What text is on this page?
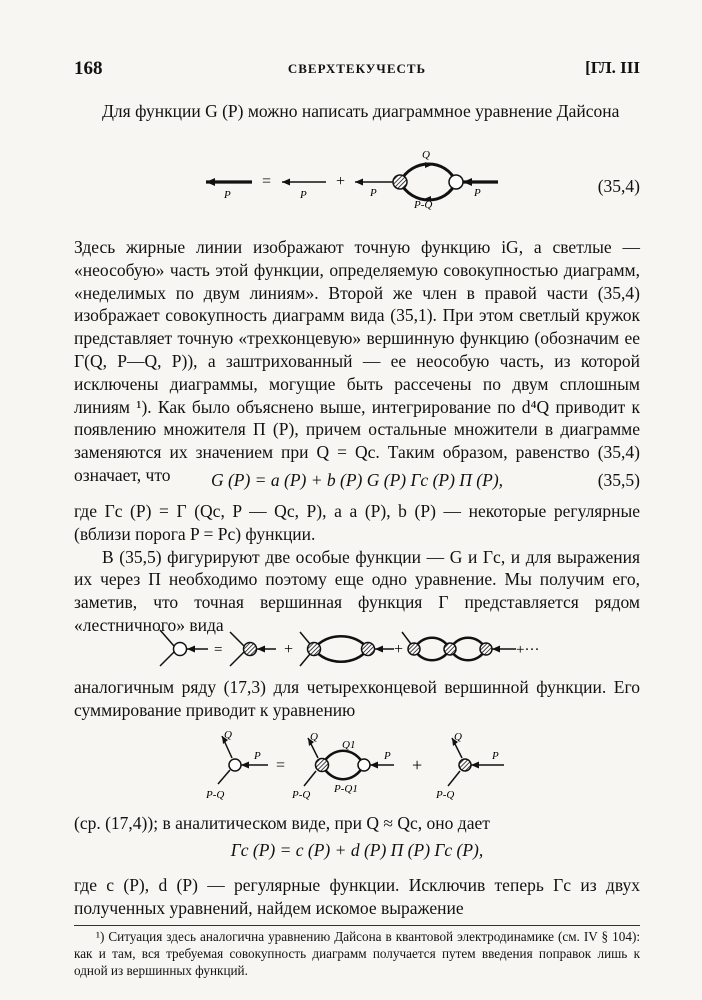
168	СВЕРХТЕКУЧЕСТЬ	[ГЛ. III

Для функции G (P) можно написать диаграммное уравнение Дайсона

P
=
P
+
P
Q
P-Q
P	(35,4)

Здесь жирные линии изображают точную функцию iG, а светлые — «неособую» часть этой функции, определяемую совокупностью диаграмм, «неделимых по двум линиям». Второй же член в правой части (35,4) изображает совокупность диаграмм вида (35,1). При этом светлый кружок представляет точную «трехконцевую» вершинную функцию (обозначим ее Γ(Q, P—Q, P)), а заштрихованный — ее неособую часть, из которой исключены диаграммы, могущие быть рассечены по двум сплошным линиям ¹). Как было объяснено выше, интегрирование по d⁴Q приводит к появлению множителя Π (P), причем остальные множители в диаграмме заменяются их значением при Q = Qc. Таким образом, равенство (35,4) означает, что	G (P) = a (P) + b (P) G (P) Γc (P) Π (P),	(35,5)

где Γc (P) = Γ (Qc, P — Qc, P), а a (P), b (P) — некоторые регулярные (вблизи порога P = Pc) функции.

В (35,5) фигурируют две особые функции — G и Γc, и для выражения их через Π необходимо поэтому еще одно уравнение. Мы получим его, заметив, что точная вершинная функция Γ представляется рядом «лестничного» вида

=	+	+	+···

аналогичным ряду (17,3) для четырехконцевой вершинной функции. Его суммирование приводит к уравнению

Q
P
P-Q
=
Q
Q1
P
P-Q P-Q1
+
Q
P
P-Q

(ср. (17,4)); в аналитическом виде, при Q ≈ Qc, оно дает

Γc (P) = c (P) + d (P) Π (P) Γc (P),

где c (P), d (P) — регулярные функции. Исключив теперь Γc из двух полученных уравнений, найдем искомое выражение

¹) Ситуация здесь аналогична уравнению Дайсона в квантовой электродинамике (см. IV § 104): как и там, вся требуемая совокупность диаграмм получается путем введения поправок лишь к одной из вершинных функций.
